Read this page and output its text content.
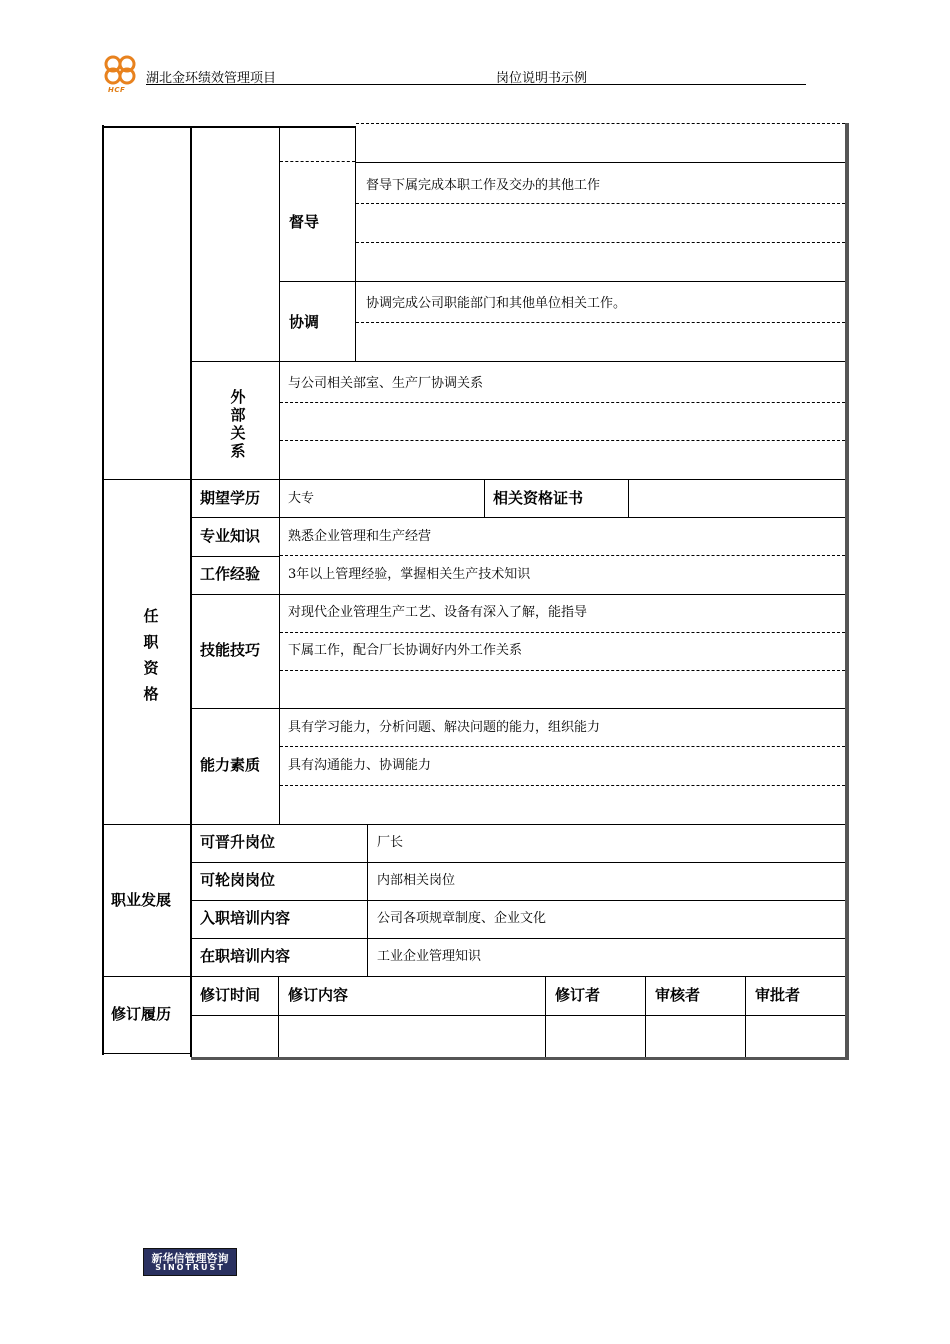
HCF
湖北金环绩效管理项目	岗位说明书示例
督导
督导下属完成本职工作及交办的其他工作
协调
协调完成公司职能部门和其他单位相关工作。
外部关系
与公司相关部室、生产厂协调关系
任职资格
期望学历 大专	相关资格证书
专业知识 熟悉企业管理和生产经营
工作经验 3年以上管理经验，掌握相关生产技术知识
技能技巧
对现代企业管理生产工艺、设备有深入了解，能指导
下属工作，配合厂长协调好内外工作关系
能力素质
具有学习能力，分析问题、解决问题的能力，组织能力
具有沟通能力、协调能力
职业发展
可晋升岗位	厂长
可轮岗岗位	内部相关岗位
入职培训内容	公司各项规章制度、企业文化
在职培训内容	工业企业管理知识
修订履历
修订时间 修订内容	修订者	审核者	审批者
新华信管理咨询
SINOTRUST
